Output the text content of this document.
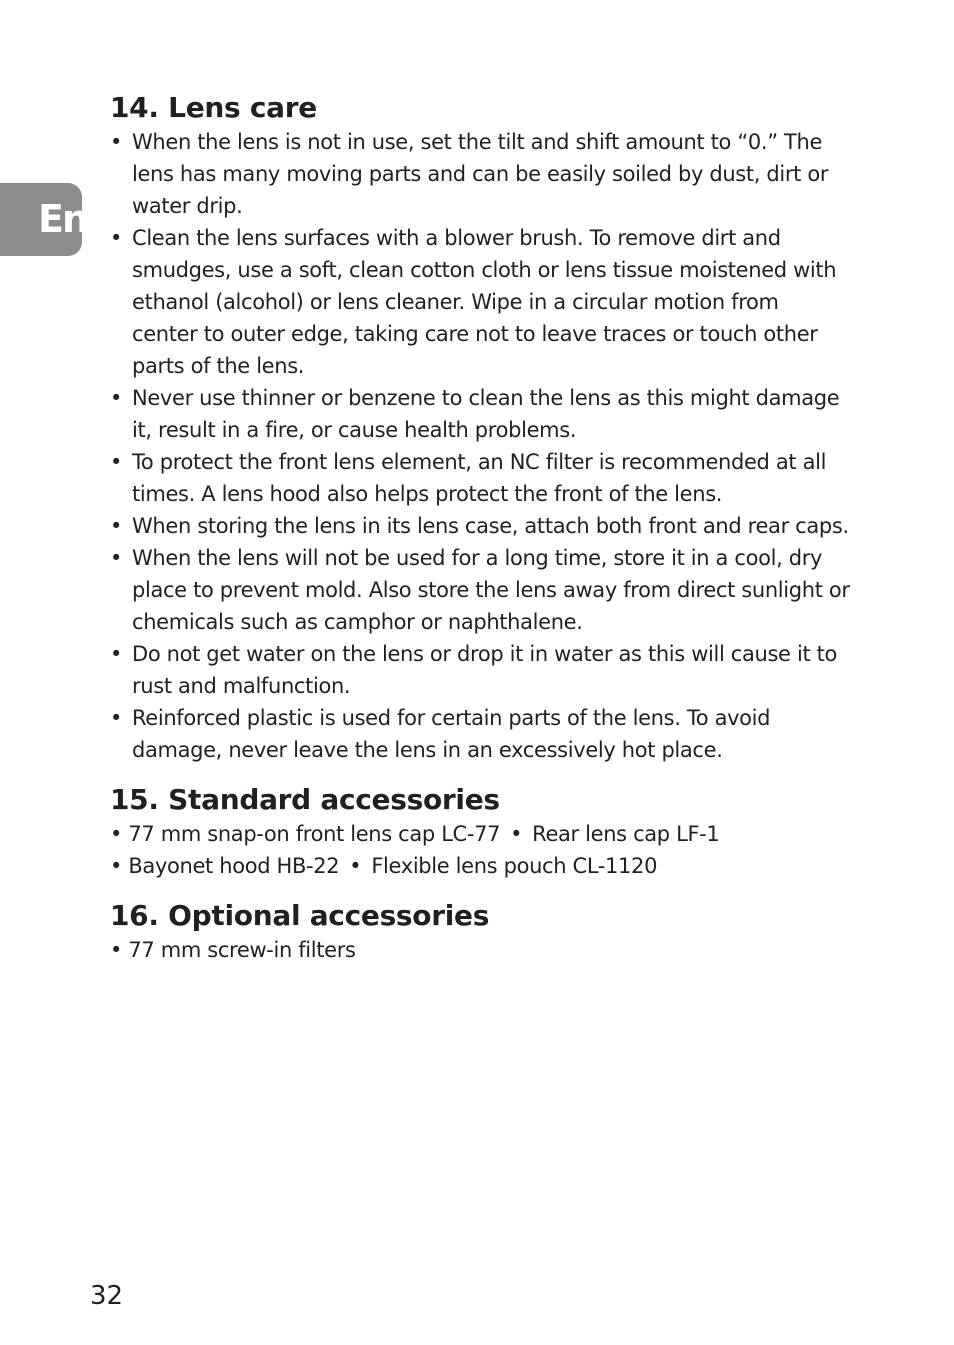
En
14. Lens care
• When the lens is not in use, set the tilt and shift amount to “0.” The lens has many moving parts and can be easily soiled by dust, dirt or water drip.
• Clean the lens surfaces with a blower brush. To remove dirt and smudges, use a soft, clean cotton cloth or lens tissue moistened with ethanol (alcohol) or lens cleaner. Wipe in a circular motion from center to outer edge, taking care not to leave traces or touch other parts of the lens.
• Never use thinner or benzene to clean the lens as this might damage it, result in a fire, or cause health problems.
• To protect the front lens element, an NC filter is recommended at all times. A lens hood also helps protect the front of the lens.
• When storing the lens in its lens case, attach both front and rear caps.
• When the lens will not be used for a long time, store it in a cool, dry place to prevent mold. Also store the lens away from direct sunlight or chemicals such as camphor or naphthalene.
• Do not get water on the lens or drop it in water as this will cause it to rust and malfunction.
• Reinforced plastic is used for certain parts of the lens. To avoid damage, never leave the lens in an excessively hot place.
15. Standard accessories
• 77 mm snap-on front lens cap LC-77 • Rear lens cap LF-1
• Bayonet hood HB-22 • Flexible lens pouch CL-1120
16. Optional accessories
• 77 mm screw-in filters
32
